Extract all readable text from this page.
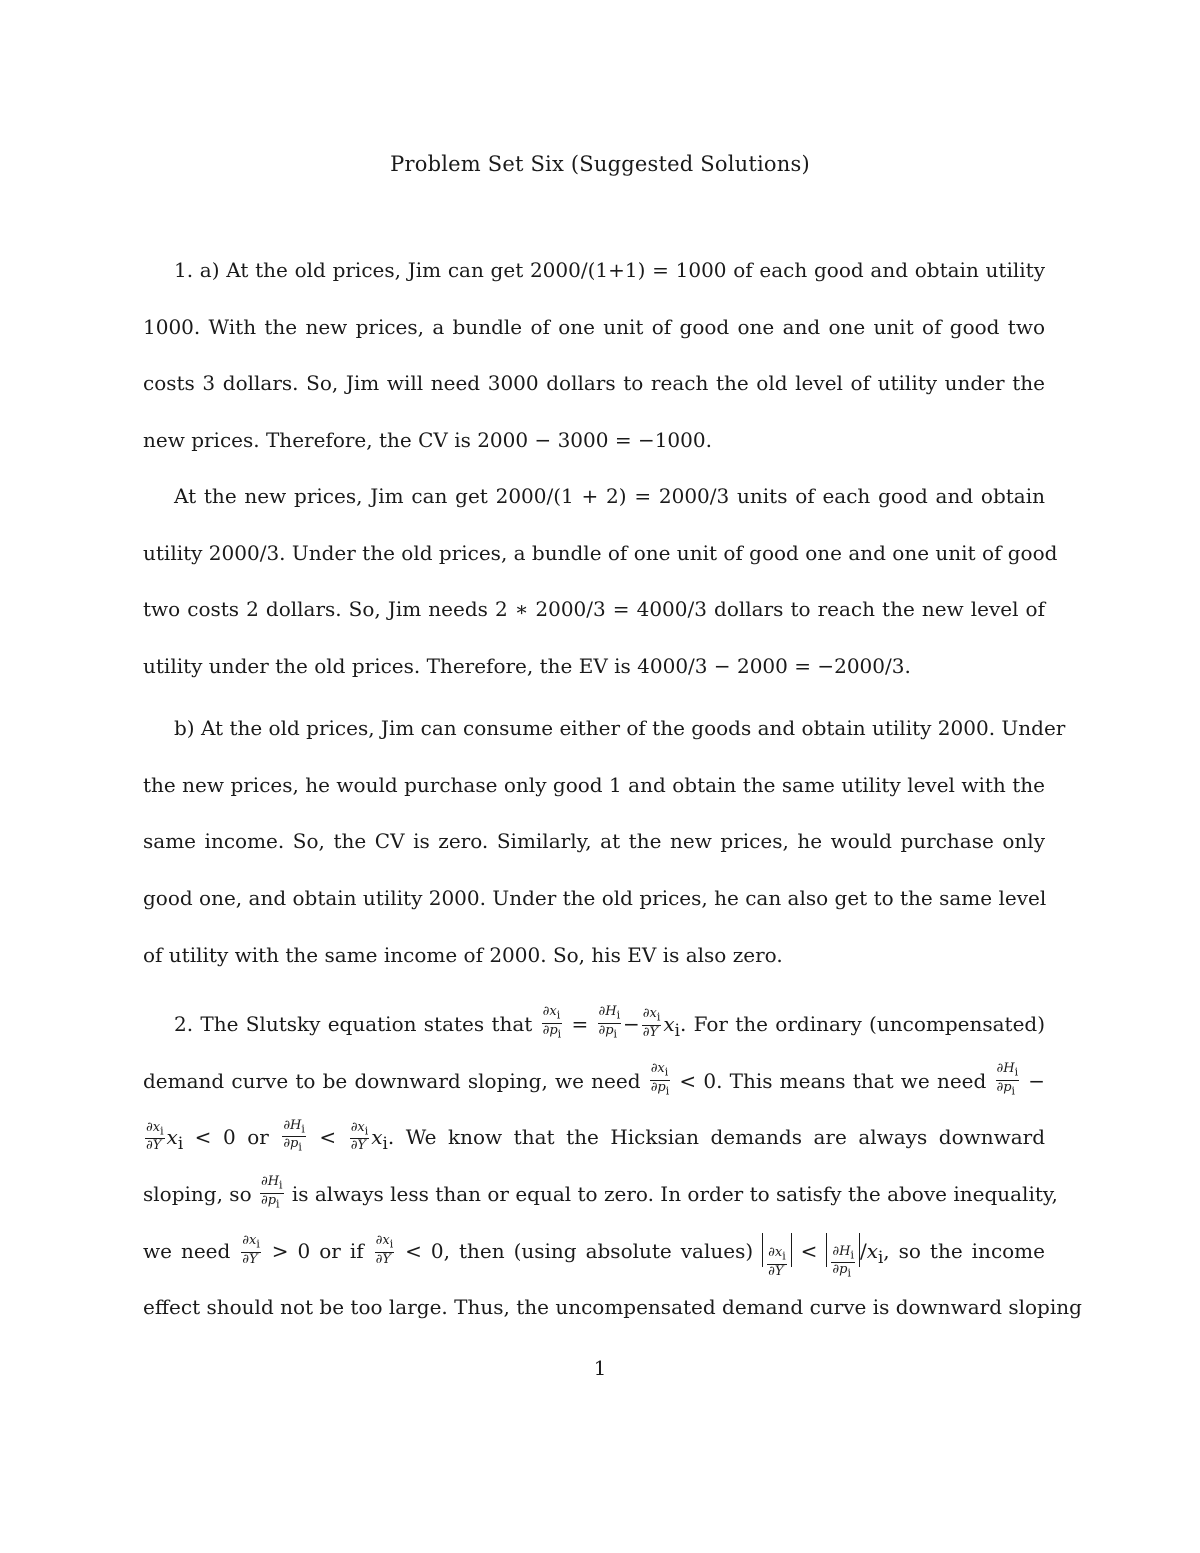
Problem Set Six (Suggested Solutions)
1. a) At the old prices, Jim can get 2000/(1+1) = 1000 of each good and obtain utility
1000. With the new prices, a bundle of one unit of good one and one unit of good two
costs 3 dollars. So, Jim will need 3000 dollars to reach the old level of utility under the
new prices. Therefore, the CV is 2000 − 3000 = −1000.
At the new prices, Jim can get 2000/(1 + 2) = 2000/3 units of each good and obtain
utility 2000/3. Under the old prices, a bundle of one unit of good one and one unit of good
two costs 2 dollars. So, Jim needs 2 ∗ 2000/3 = 4000/3 dollars to reach the new level of
utility under the old prices. Therefore, the EV is 4000/3 − 2000 = −2000/3.
b) At the old prices, Jim can consume either of the goods and obtain utility 2000. Under
the new prices, he would purchase only good 1 and obtain the same utility level with the
same income. So, the CV is zero. Similarly, at the new prices, he would purchase only
good one, and obtain utility 2000. Under the old prices, he can also get to the same level
of utility with the same income of 2000. So, his EV is also zero.
2. The Slutsky equation states that $\frac{\partial x_i}{\partial p_i} = \frac{\partial H_i}{\partial p_i} - \frac{\partial x_i}{\partial Y} x_i$. For the ordinary (uncompensated)
demand curve to be downward sloping, we need $\frac{\partial x_i}{\partial p_i} < 0$. This means that we need $\frac{\partial H_i}{\partial p_i}$ −
$\frac{\partial x_i}{\partial Y} x_i < 0$ or $\frac{\partial H_i}{\partial p_i} < \frac{\partial x_i}{\partial Y} x_i$. We know that the Hicksian demands are always downward
sloping, so $\frac{\partial H_i}{\partial p_i}$ is always less than or equal to zero. In order to satisfy the above inequality,
we need $\frac{\partial x_i}{\partial Y} > 0$ or if $\frac{\partial x_i}{\partial Y} < 0$, then (using absolute values) $\frac{\partial x_i}{\partial Y} < \frac{\partial H_i}{\partial p_i} /x_i$, so the income
effect should not be too large. Thus, the uncompensated demand curve is downward sloping
1
